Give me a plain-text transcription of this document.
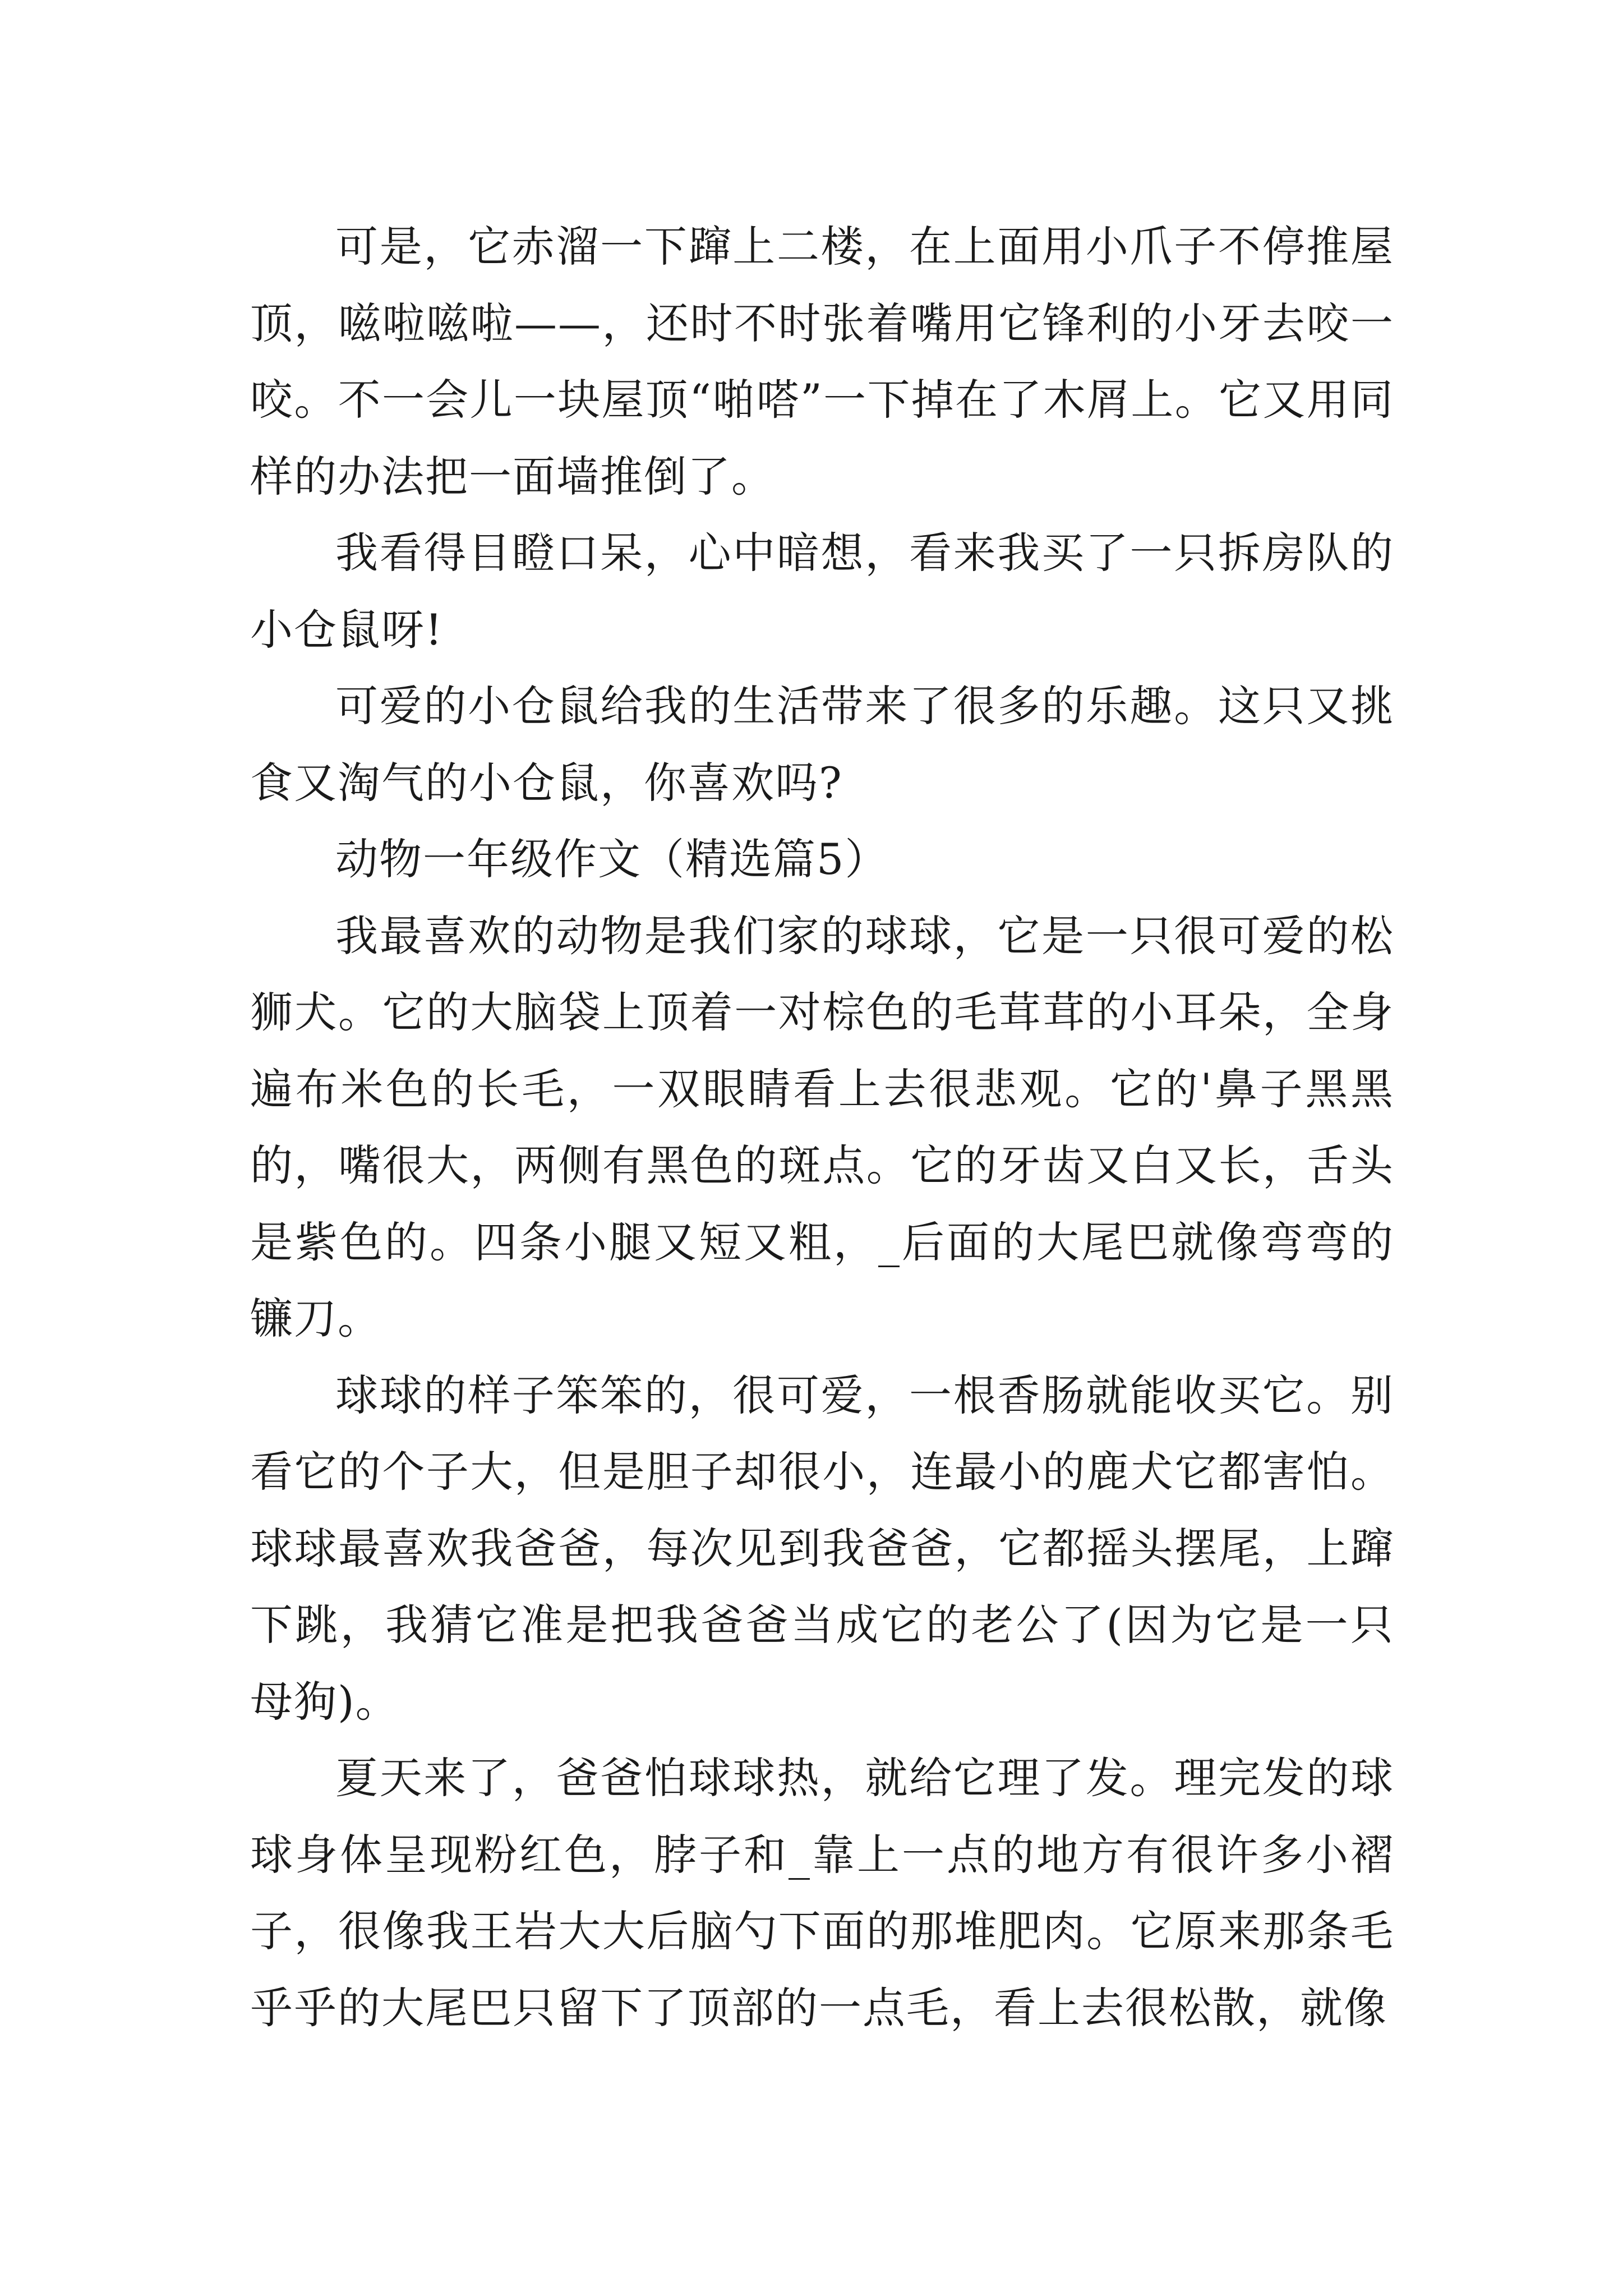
可是，它赤溜一下蹿上二楼，在上面用小爪子不停推屋顶，嗞啦嗞啦——，还时不时张着嘴用它锋利的小牙去咬一咬。不一会儿一块屋顶“啪嗒”一下掉在了木屑上。它又用同样的办法把一面墙推倒了。

我看得目瞪口呆，心中暗想，看来我买了一只拆房队的小仓鼠呀!

可爱的小仓鼠给我的生活带来了很多的乐趣。这只又挑食又淘气的小仓鼠，你喜欢吗?

动物一年级作文（精选篇5）

我最喜欢的动物是我们家的球球，它是一只很可爱的松狮犬。它的大脑袋上顶着一对棕色的毛茸茸的小耳朵，全身遍布米色的长毛，一双眼睛看上去很悲观。它的'鼻子黑黑的，嘴很大，两侧有黑色的斑点。它的牙齿又白又长，舌头是紫色的。四条小腿又短又粗，_后面的大尾巴就像弯弯的镰刀。

球球的样子笨笨的，很可爱，一根香肠就能收买它。别看它的个子大，但是胆子却很小，连最小的鹿犬它都害怕。球球最喜欢我爸爸，每次见到我爸爸，它都摇头摆尾，上蹿下跳，我猜它准是把我爸爸当成它的老公了(因为它是一只母狗)。

夏天来了，爸爸怕球球热，就给它理了发。理完发的球球身体呈现粉红色，脖子和_靠上一点的地方有很许多小褶子，很像我王岩大大后脑勺下面的那堆肥肉。它原来那条毛乎乎的大尾巴只留下了顶部的一点毛，看上去很松散，就像
